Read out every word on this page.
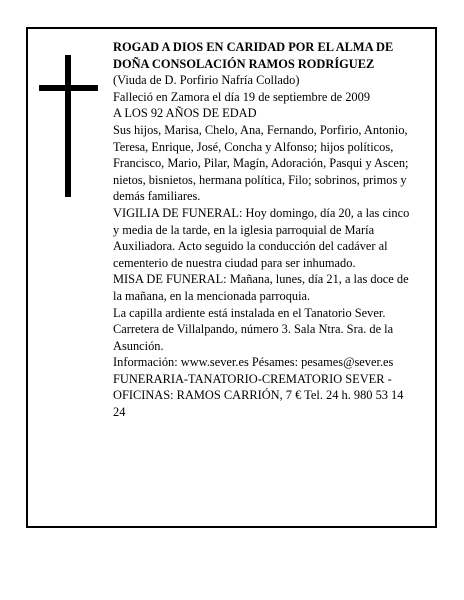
ROGAD A DIOS EN CARIDAD POR EL ALMA DE DOÑA CONSOLACIÓN RAMOS RODRÍGUEZ

(Viuda de D. Porfirio Nafría Collado)

Falleció en Zamora el día 19 de septiembre de 2009

A LOS 92 AÑOS DE EDAD

Sus hijos, Marisa, Chelo, Ana, Fernando, Porfirio, Antonio, Teresa, Enrique, José, Concha y Alfonso; hijos políticos, Francisco, Mario, Pilar, Magín, Adoración, Pasqui y Ascen; nietos, bisnietos, hermana política, Filo; sobrinos, primos y demás familiares.

VIGILIA DE FUNERAL: Hoy domingo, día 20, a las cinco y media de la tarde, en la iglesia parroquial de María Auxiliadora. Acto seguido la conducción del cadáver al cementerio de nuestra ciudad para ser inhumado.

MISA DE FUNERAL: Mañana, lunes, día 21, a las doce de la mañana, en la mencionada parroquia.

La capilla ardiente está instalada en el Tanatorio Sever. Carretera de Villalpando, número 3. Sala Ntra. Sra. de la Asunción.

Información: www.sever.es Pésames: pesames@sever.es

FUNERARIA-TANATORIO-CREMATORIO SEVER - OFICINAS: RAMOS CARRIÓN, 7 € Tel. 24 h. 980 53 14 24
